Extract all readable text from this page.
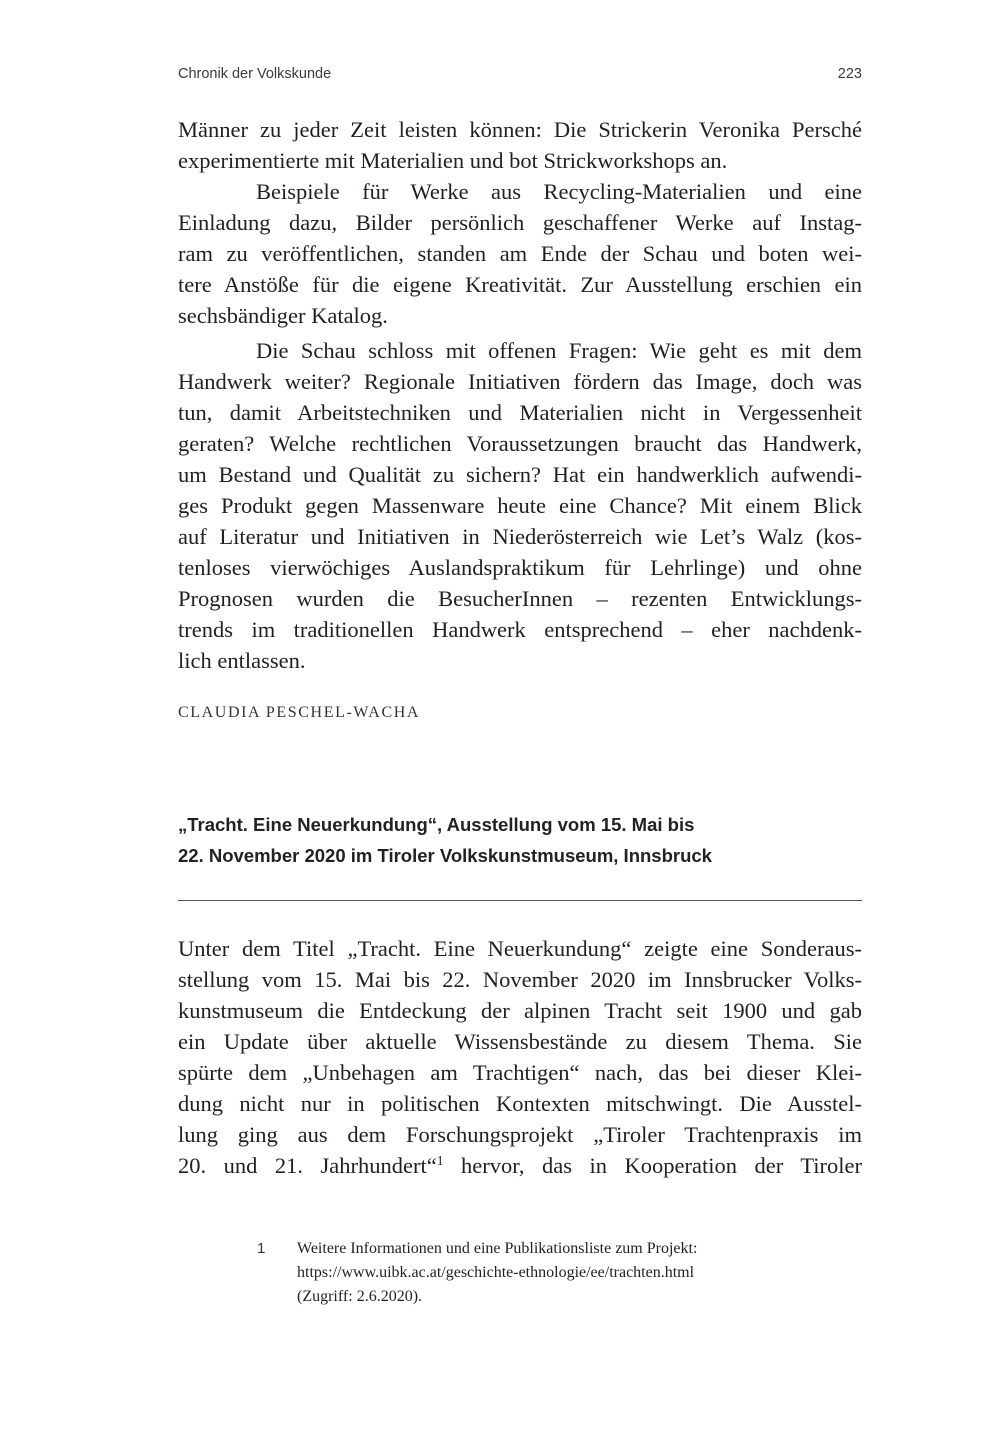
Chronik der Volkskunde	223
Männer zu jeder Zeit leisten können: Die Strickerin Veronika Persché
experimentierte mit Materialien und bot Strickworkshops an.
Beispiele für Werke aus Recycling-Materialien und eine
Einladung dazu, Bilder persönlich geschaffener Werke auf Instag-
ram zu veröffentlichen, standen am Ende der Schau und boten wei-
tere Anstöße für die eigene Kreativität. Zur Ausstellung erschien ein
sechsbändiger Katalog.
Die Schau schloss mit offenen Fragen: Wie geht es mit dem
Handwerk weiter? Regionale Initiativen fördern das Image, doch was
tun, damit Arbeitstechniken und Materialien nicht in Vergessenheit
geraten? Welche rechtlichen Voraussetzungen braucht das Handwerk,
um Bestand und Qualität zu sichern? Hat ein handwerklich aufwendi-
ges Produkt gegen Massenware heute eine Chance? Mit einem Blick
auf Literatur und Initiativen in Niederösterreich wie Let’s Walz (kos-
tenloses vierwöchiges Auslandspraktikum für Lehrlinge) und ohne
Prognosen wurden die BesucherInnen – rezenten Entwicklungs-
trends im traditionellen Handwerk entsprechend – eher nachdenk-
lich entlassen.
CLAUDIA PESCHEL-WACHA
„Tracht. Eine Neuerkundung“, Ausstellung vom 15. Mai bis
22. November 2020 im Tiroler Volkskunstmuseum, Innsbruck
Unter dem Titel „Tracht. Eine Neuerkundung“ zeigte eine Sonderaus-
stellung vom 15. Mai bis 22. November 2020 im Innsbrucker Volks-
kunstmuseum die Entdeckung der alpinen Tracht seit 1900 und gab
ein Update über aktuelle Wissensbestände zu diesem Thema. Sie
spürte dem „Unbehagen am Trachtigen“ nach, das bei dieser Klei-
dung nicht nur in politischen Kontexten mitschwingt. Die Ausstel-
lung ging aus dem Forschungsprojekt „Tiroler Trachtenpraxis im
20. und 21. Jahrhundert“$^1$ hervor, das in Kooperation der Tiroler
1 Weitere Informationen und eine Publikationsliste zum Projekt:
https://www.uibk.ac.at/geschichte-ethnologie/ee/trachten.html
(Zugriff: 2.6.2020).
